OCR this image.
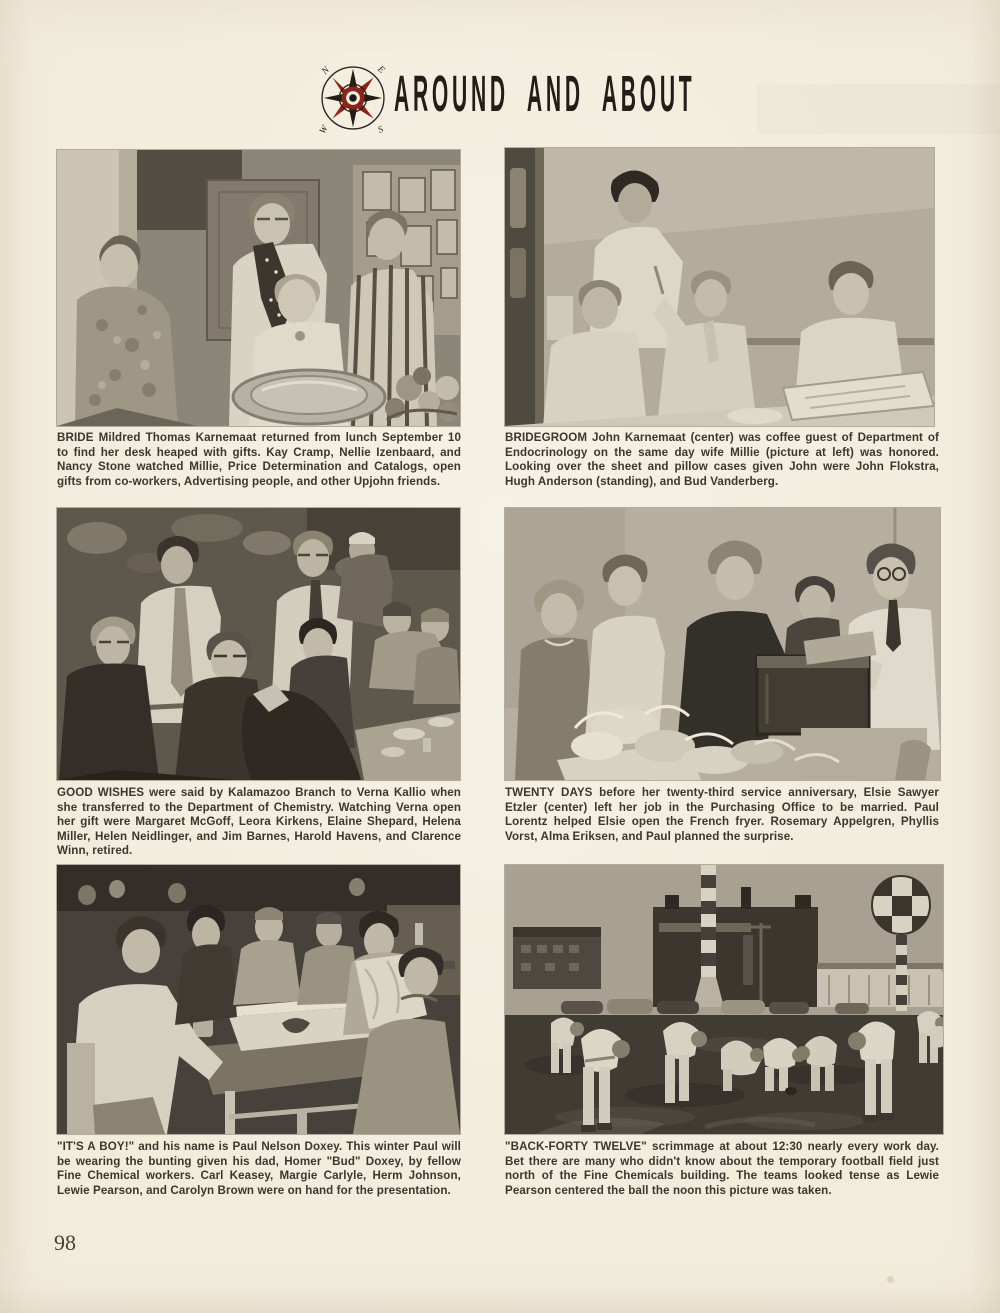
N	E
S
W
AROUND AND ABOUT
BRIDE Mildred Thomas Karnemaat returned from lunch September 10 to find her desk heaped with gifts. Kay Cramp, Nellie Izenbaard, and Nancy Stone watched Millie, Price Determination and Catalogs, open gifts from co-workers, Advertising people, and other Upjohn friends.
BRIDEGROOM John Karnemaat (center) was coffee guest of Department of Endocrinology on the same day wife Millie (picture at left) was honored. Looking over the sheet and pillow cases given John were John Flokstra, Hugh Anderson (standing), and Bud Vanderberg.
GOOD WISHES were said by Kalamazoo Branch to Verna Kallio when she transferred to the Department of Chemistry. Watching Verna open her gift were Margaret McGoff, Leora Kirkens, Elaine Shepard, Helena Miller, Helen Neidlinger, and Jim Barnes, Harold Havens, and Clarence Winn, retired.
TWENTY DAYS before her twenty-third service anniversary, Elsie Sawyer Etzler (center) left her job in the Purchasing Office to be married. Paul Lorentz helped Elsie open the French fryer. Rosemary Appelgren, Phyllis Vorst, Alma Eriksen, and Paul planned the surprise.
"IT'S A BOY!" and his name is Paul Nelson Doxey. This winter Paul will be wearing the bunting given his dad, Homer "Bud" Doxey, by fellow Fine Chemical workers. Carl Keasey, Margie Carlyle, Herm Johnson, Lewie Pearson, and Carolyn Brown were on hand for the presentation.
"BACK-FORTY TWELVE" scrimmage at about 12:30 nearly every work day. Bet there are many who didn't know about the temporary football field just north of the Fine Chemicals building. The teams looked tense as Lewie Pearson centered the ball the noon this picture was taken.
98
